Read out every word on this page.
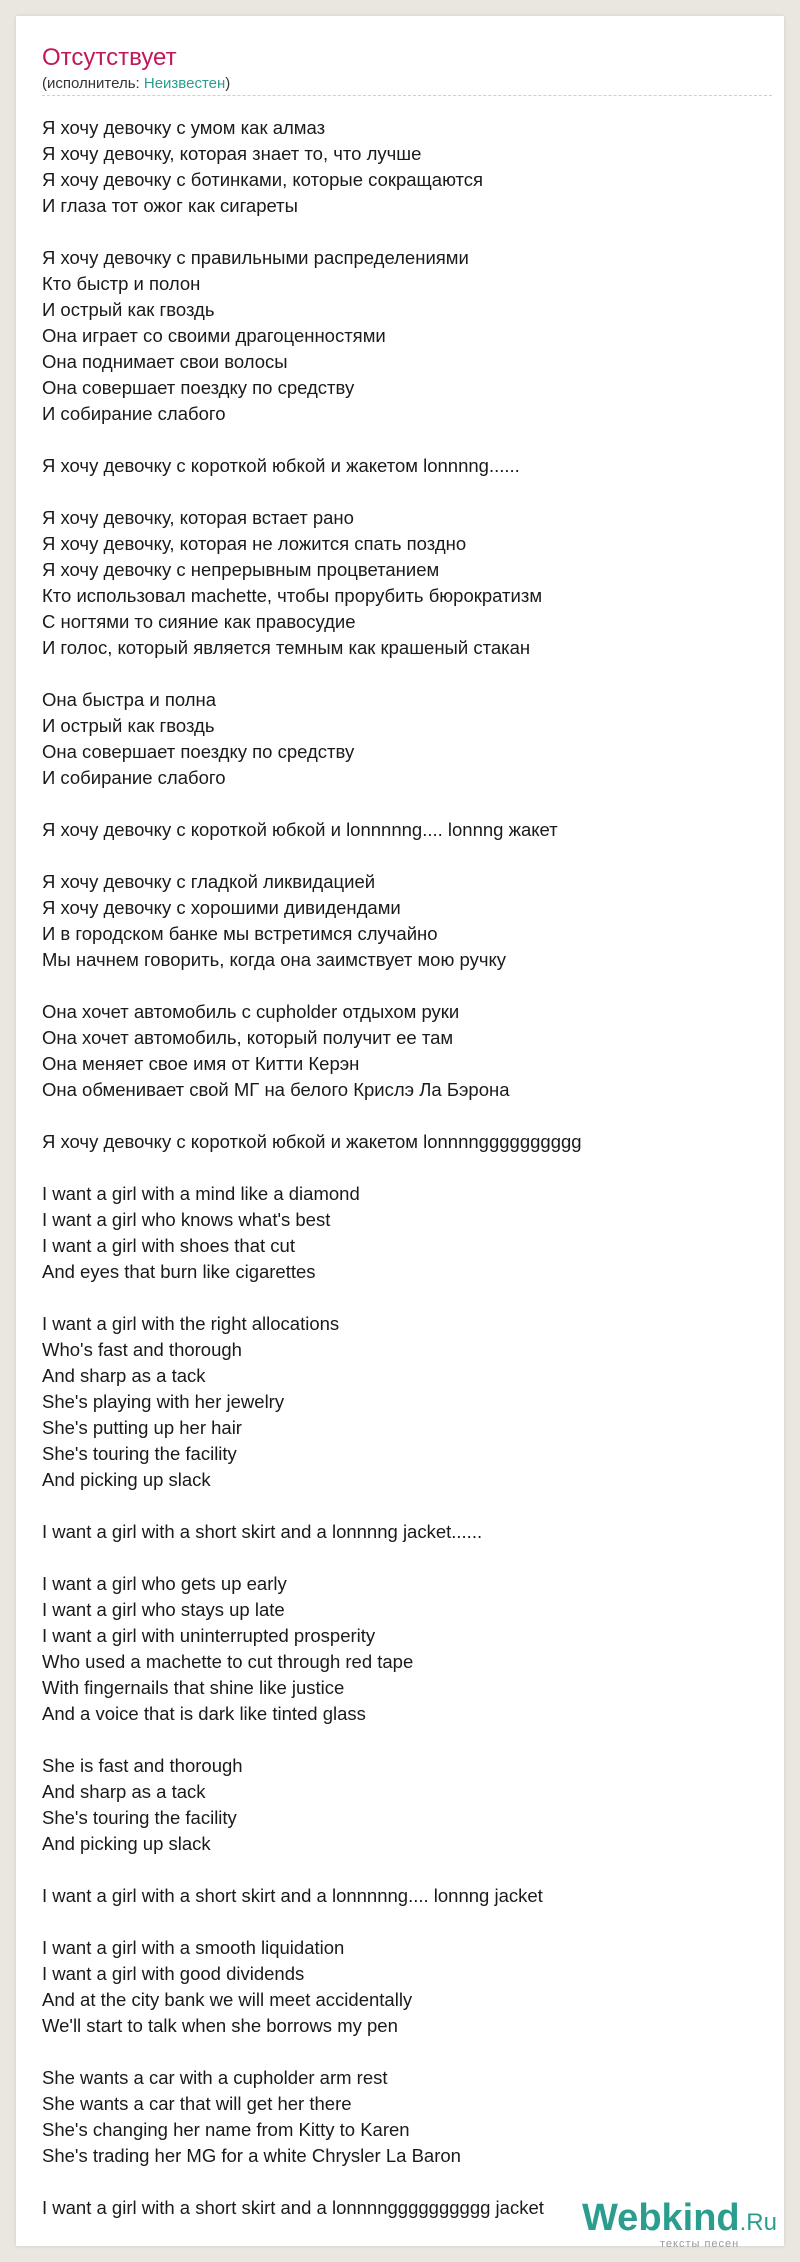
Отсутствует
(исполнитель: Неизвестен)
Я хочу девочку с умом как алмаз
Я хочу девочку, которая знает то, что лучше
Я хочу девочку с ботинками, которые сокращаются
И глаза тот ожог как сигареты

Я хочу девочку с правильными распределениями
Кто быстр и полон
И острый как гвоздь
Она играет со своими драгоценностями
Она поднимает свои волосы
Она совершает поездку по средству
И собирание слабого

Я хочу девочку с короткой юбкой и жакетом lonnnng......

Я хочу девочку, которая встает рано
Я хочу девочку, которая не ложится спать поздно
Я хочу девочку с непрерывным процветанием
Кто использовал machette, чтобы прорубить бюрократизм
С ногтями то сияние как правосудие
И голос, который является темным как крашеный стакан

Она быстра и полна
И острый как гвоздь
Она совершает поездку по средству
И собирание слабого

Я хочу девочку с короткой юбкой и lonnnnng.... lonnng жакет

Я хочу девочку с гладкой ликвидацией
Я хочу девочку с хорошими дивидендами
И в городском банке мы встретимся случайно
Мы начнем говорить, когда она заимствует мою ручку

Она хочет автомобиль с cupholder отдыхом руки
Она хочет автомобиль, который получит ее там
Она меняет свое имя от Китти Керэн
Она обменивает свой МГ на белого Крислэ Ла Бэрона

Я хочу девочку с короткой юбкой и жакетом lonnnngggggggggg

I want a girl with a mind like a diamond
I want a girl who knows what's best
I want a girl with shoes that cut
And eyes that burn like cigarettes

I want a girl with the right allocations
Who's fast and thorough
And sharp as a tack
She's playing with her jewelry
She's putting up her hair
She's touring the facility
And picking up slack

I want a girl with a short skirt and a lonnnng jacket......

I want a girl who gets up early
I want a girl who stays up late
I want a girl with uninterrupted prosperity
Who used a machette to cut through red tape
With fingernails that shine like justice
And a voice that is dark like tinted glass

She is fast and thorough
And sharp as a tack
She's touring the facility
And picking up slack

I want a girl with a short skirt and a lonnnnng.... lonnng jacket

I want a girl with a smooth liquidation
I want a girl with good dividends
And at the city bank we will meet accidentally
We'll start to talk when she borrows my pen

She wants a car with a cupholder arm rest
She wants a car that will get her there
She's changing her name from Kitty to Karen
She's trading her MG for a white Chrysler La Baron

I want a girl with a short skirt and a lonnnngggggggggg jacket	Webkind.Ru
тексты песен
